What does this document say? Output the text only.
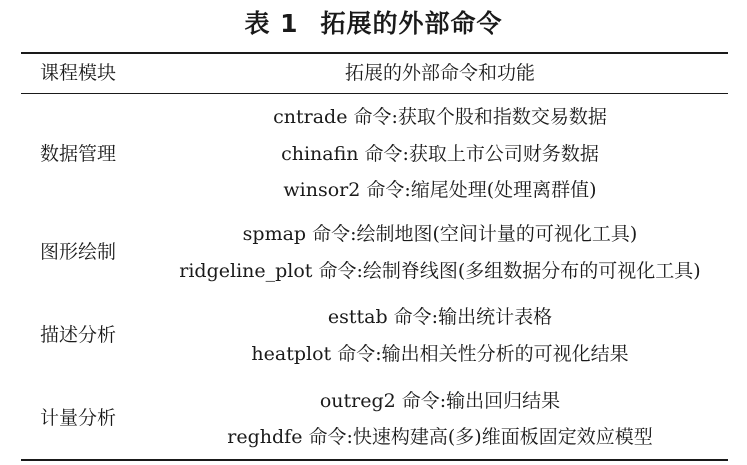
表 1 拓展的外部命令
课程模块	拓展的外部命令和功能
数据管理
cntrade 命令:获取个股和指数交易数据
chinafin 命令:获取上市公司财务数据
winsor2 命令:缩尾处理(处理离群值)
图形绘制
spmap 命令:绘制地图(空间计量的可视化工具)
ridgeline_plot 命令:绘制脊线图(多组数据分布的可视化工具)
描述分析
esttab 命令:输出统计表格
heatplot 命令:输出相关性分析的可视化结果
计量分析
outreg2 命令:输出回归结果
reghdfe 命令:快速构建高(多)维面板固定效应模型
